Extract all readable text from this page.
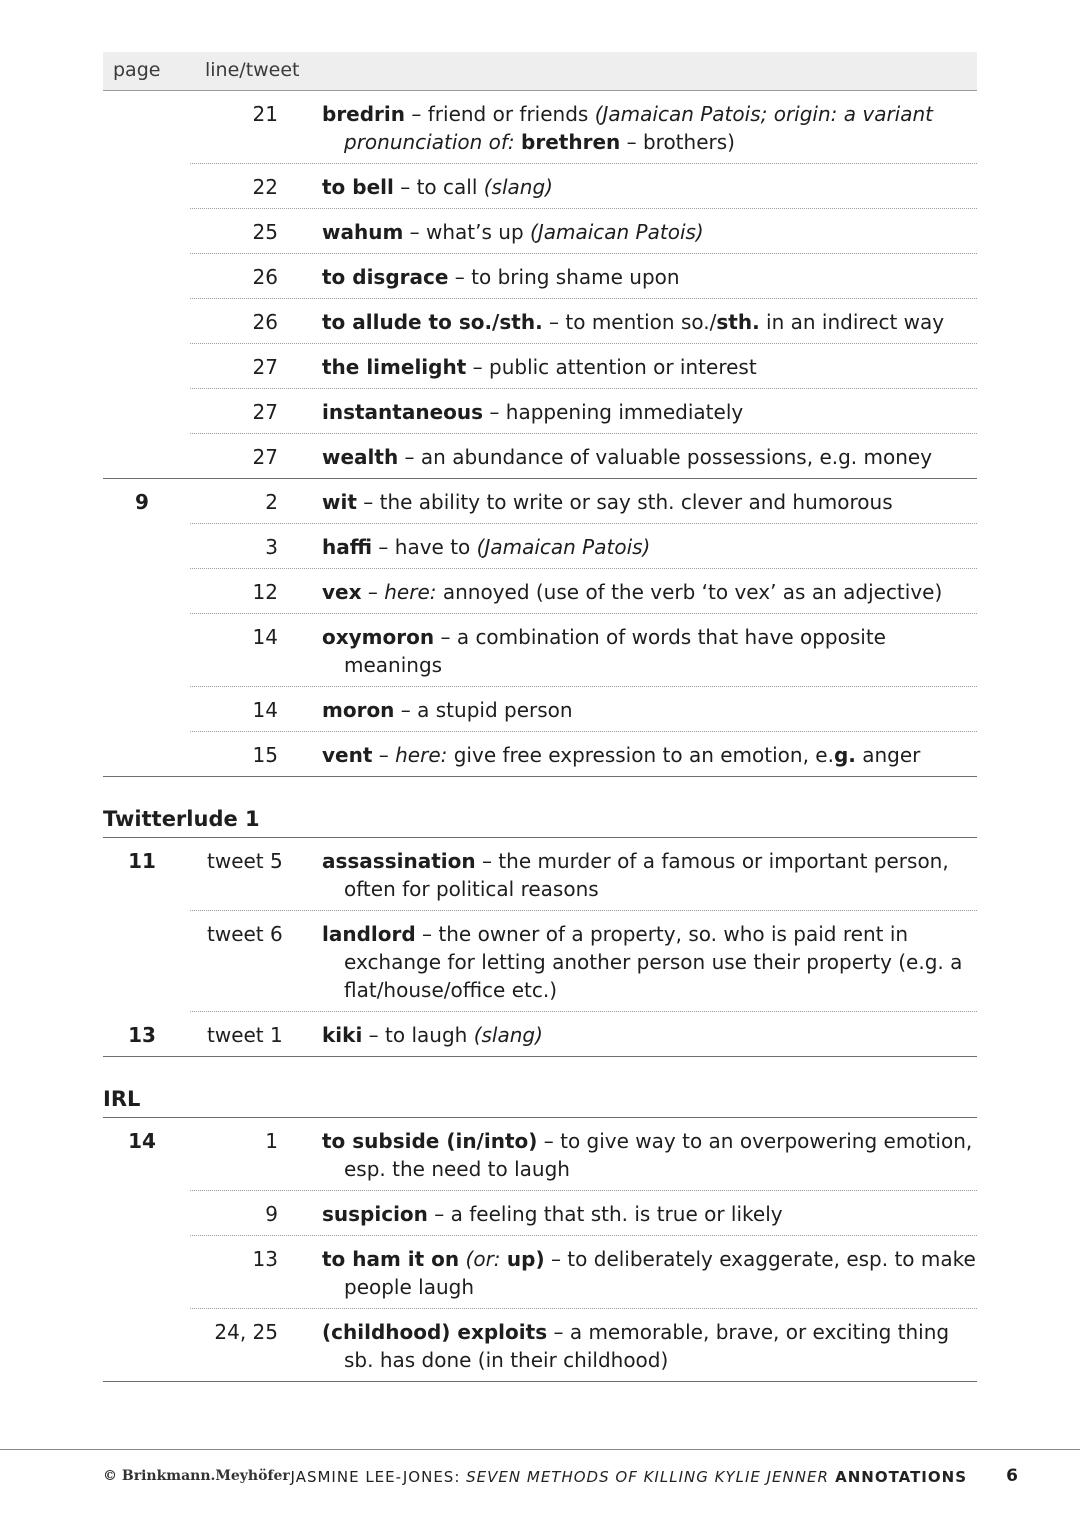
page line/tweet
21 bredrin – friend or friends (Jamaican Patois; origin: a variant pronunciation of: brethren – brothers)
22 to bell – to call (slang)
25 wahum – what’s up (Jamaican Patois)
26 to disgrace – to bring shame upon
26 to allude to so./sth. – to mention so./sth. in an indirect way
27 the limelight – public attention or interest
27 instantaneous – happening immediately
27 wealth – an abundance of valuable possessions, e.g. money
9	2 wit – the ability to write or say sth. clever and humorous
3 haffi – have to (Jamaican Patois)
12 vex – here: annoyed (use of the verb ‘to vex’ as an adjective)
14 oxymoron – a combination of words that have opposite meanings
14 moron – a stupid person
15 vent – here: give free expression to an emotion, e.g. anger
Twitterlude 1
11	tweet 5 assassination – the murder of a famous or important person, often for political reasons
tweet 6 landlord – the owner of a property, so. who is paid rent in exchange for letting another person use their property (e.g. a flat/house/office etc.)
13	tweet 1 kiki – to laugh (slang)
IRL
14	1 to subside (in/into) – to give way to an overpowering emotion, esp. the need to laugh
9 suspicion – a feeling that sth. is true or likely
13 to ham it on (or: up) – to deliberately exaggerate, esp. to make people laugh
24, 25 (childhood) exploits – a memorable, brave, or exciting thing sb. has done (in their childhood)
© Brinkmann.Meyhöfer JASMINE LEE-JONES: SEVEN METHODS OF KILLING KYLIE JENNER ANNOTATIONS 6
